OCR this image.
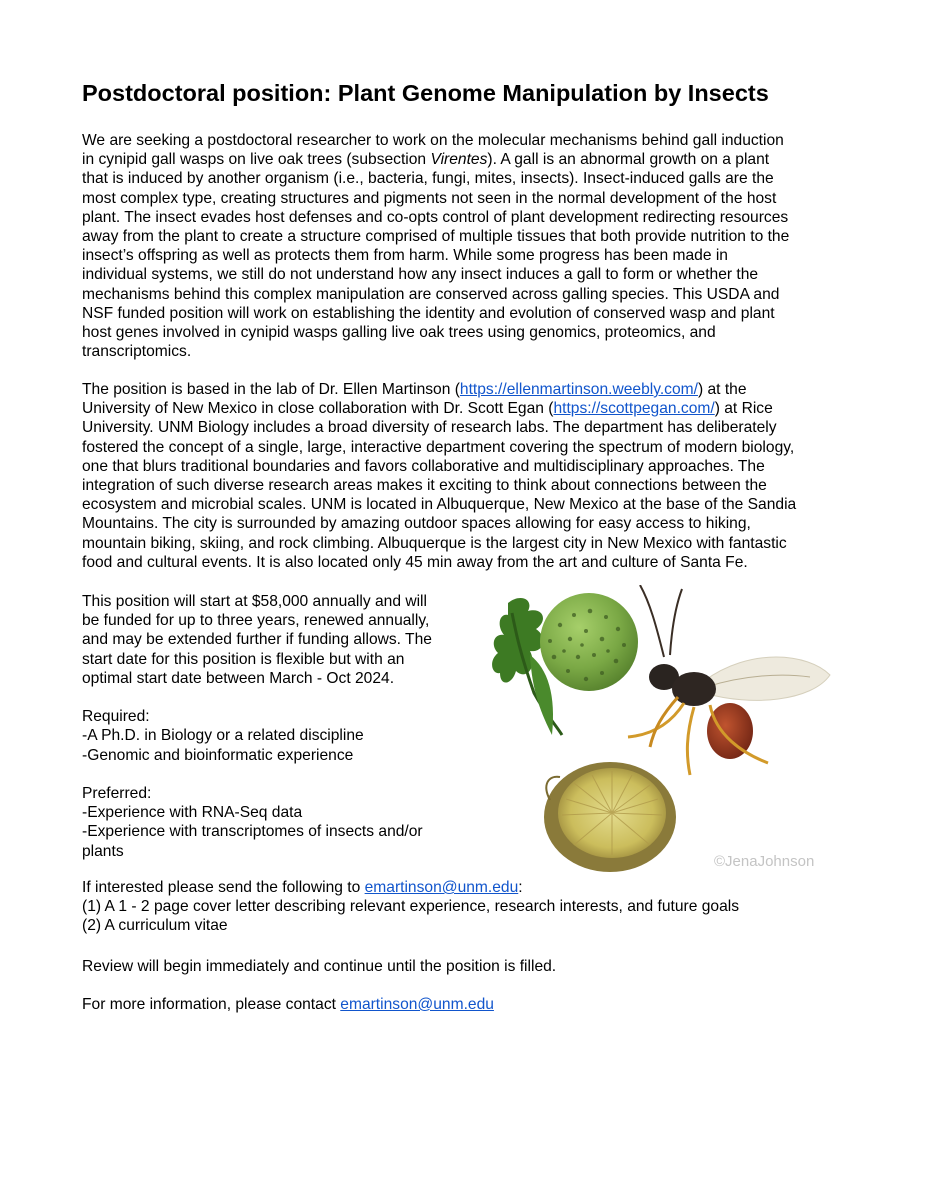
Postdoctoral position: Plant Genome Manipulation by Insects
We are seeking a postdoctoral researcher to work on the molecular mechanisms behind gall induction
in cynipid gall wasps on live oak trees (subsection Virentes). A gall is an abnormal growth on a plant
that is induced by another organism (i.e., bacteria, fungi, mites, insects). Insect-induced galls are the
most complex type, creating structures and pigments not seen in the normal development of the host
plant. The insect evades host defenses and co-opts control of plant development redirecting resources
away from the plant to create a structure comprised of multiple tissues that both provide nutrition to the
insect’s offspring as well as protects them from harm. While some progress has been made in
individual systems, we still do not understand how any insect induces a gall to form or whether the
mechanisms behind this complex manipulation are conserved across galling species. This USDA and
NSF funded position will work on establishing the identity and evolution of conserved wasp and plant
host genes involved in cynipid wasps galling live oak trees using genomics, proteomics, and
transcriptomics.
The position is based in the lab of Dr. Ellen Martinson (https://ellenmartinson.weebly.com/) at the
University of New Mexico in close collaboration with Dr. Scott Egan (https://scottpegan.com/) at Rice
University. UNM Biology includes a broad diversity of research labs. The department has deliberately
fostered the concept of a single, large, interactive department covering the spectrum of modern biology,
one that blurs traditional boundaries and favors collaborative and multidisciplinary approaches. The
integration of such diverse research areas makes it exciting to think about connections between the
ecosystem and microbial scales. UNM is located in Albuquerque, New Mexico at the base of the Sandia
Mountains. The city is surrounded by amazing outdoor spaces allowing for easy access to hiking,
mountain biking, skiing, and rock climbing. Albuquerque is the largest city in New Mexico with fantastic
food and cultural events. It is also located only 45 min away from the art and culture of Santa Fe.
This position will start at $58,000 annually and will
be funded for up to three years, renewed annually,
and may be extended further if funding allows. The
start date for this position is flexible but with an
optimal start date between March - Oct 2024.
Required:
-A Ph.D. in Biology or a related discipline
-Genomic and bioinformatic experience
Preferred:
-Experience with RNA-Seq data
-Experience with transcriptomes of insects and/or
plants
©JenaJohnson
If interested please send the following to emartinson@unm.edu:
(1) A 1 - 2 page cover letter describing relevant experience, research interests, and future goals
(2) A curriculum vitae
Review will begin immediately and continue until the position is filled.
For more information, please contact emartinson@unm.edu
